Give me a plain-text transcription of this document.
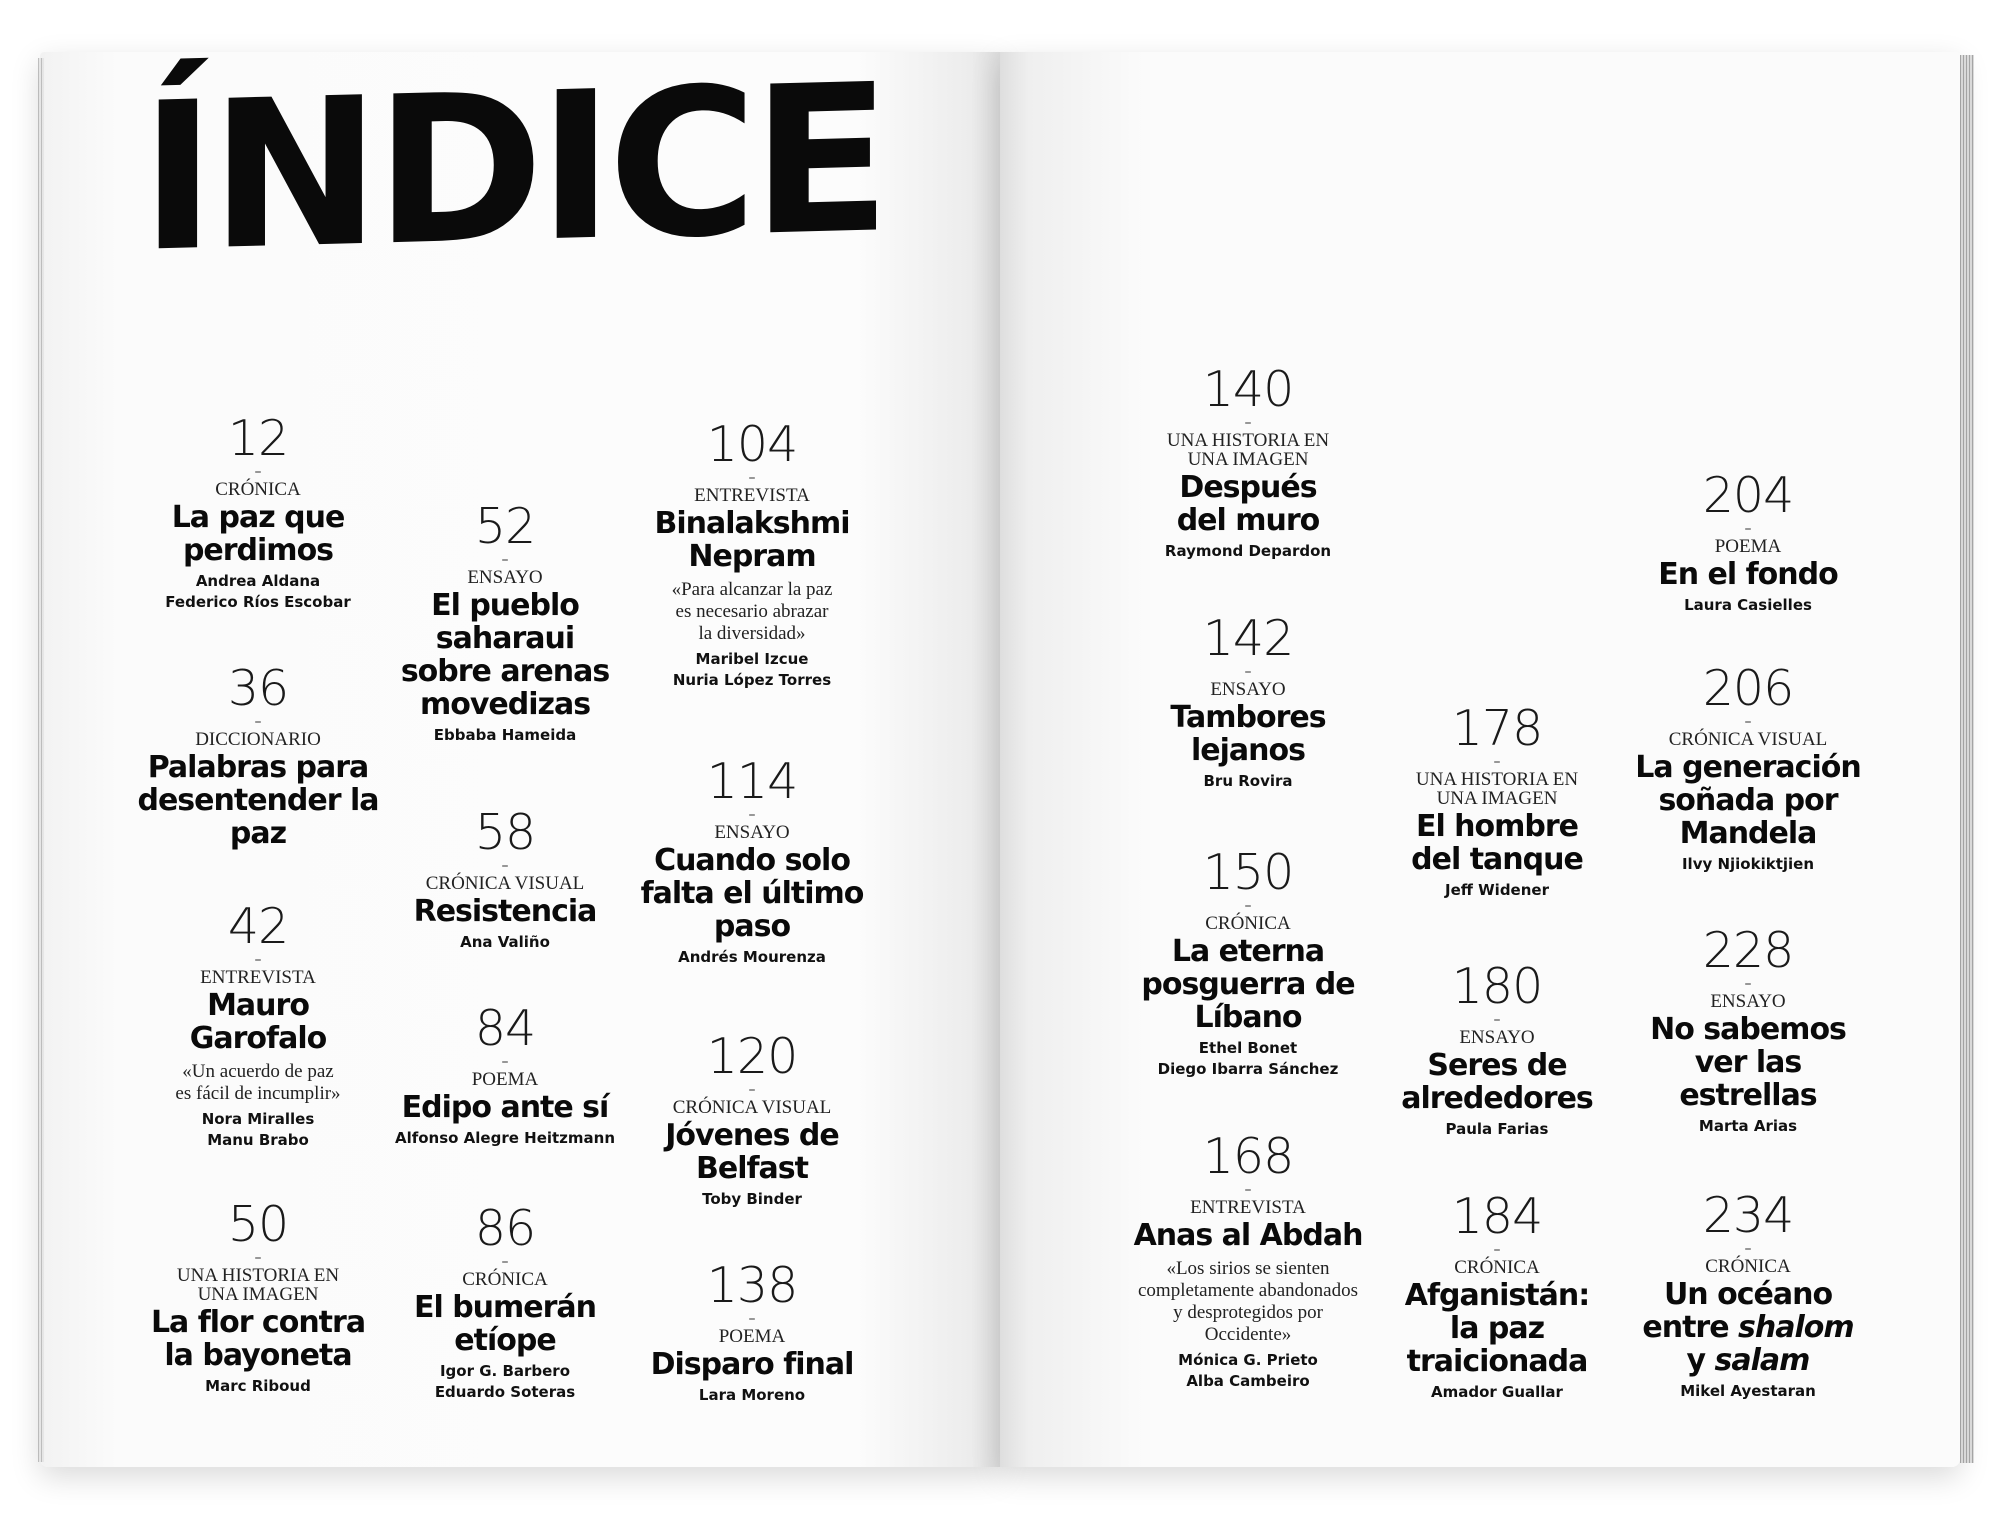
ÍNDICE
12
–
CRÓNICA
La paz que
perdimos
Andrea Aldana
Federico Ríos Escobar
36
–
DICCIONARIO
Palabras para
desentender la
paz
42
–
ENTREVISTA
Mauro
Garofalo
«Un acuerdo de paz
es fácil de incumplir»
Nora Miralles
Manu Brabo
50
–
UNA HISTORIA EN
UNA IMAGEN
La flor contra
la bayoneta
Marc Riboud
52
–
ENSAYO
El pueblo
saharaui
sobre arenas
movedizas
Ebbaba Hameida
58
–
CRÓNICA VISUAL
Resistencia
Ana Valiño
84
–
POEMA
Edipo ante sí
Alfonso Alegre Heitzmann
86
–
CRÓNICA
El bumerán
etíope
Igor G. Barbero
Eduardo Soteras
104
–
ENTREVISTA
Binalakshmi
Nepram
«Para alcanzar la paz
es necesario abrazar
la diversidad»
Maribel Izcue
Nuria López Torres
114
–
ENSAYO
Cuando solo
falta el último
paso
Andrés Mourenza
120
–
CRÓNICA VISUAL
Jóvenes de
Belfast
Toby Binder
138
–
POEMA
Disparo final
Lara Moreno
140
–
UNA HISTORIA EN
UNA IMAGEN
Después
del muro
Raymond Depardon
142
–
ENSAYO
Tambores
lejanos
Bru Rovira
150
–
CRÓNICA
La eterna
posguerra de
Líbano
Ethel Bonet
Diego Ibarra Sánchez
168
–
ENTREVISTA
Anas al Abdah
«Los sirios se sienten
completamente abandonados
y desprotegidos por
Occidente»
Mónica G. Prieto
Alba Cambeiro
178
–
UNA HISTORIA EN
UNA IMAGEN
El hombre
del tanque
Jeff Widener
180
–
ENSAYO
Seres de
alrededores
Paula Farias
184
–
CRÓNICA
Afganistán:
la paz
traicionada
Amador Guallar
204
–
POEMA
En el fondo
Laura Casielles
206
–
CRÓNICA VISUAL
La generación
soñada por
Mandela
Ilvy Njiokiktjien
228
–
ENSAYO
No sabemos
ver las
estrellas
Marta Arias
234
–
CRÓNICA
Un océano
entre shalom
y salam
Mikel Ayestaran
